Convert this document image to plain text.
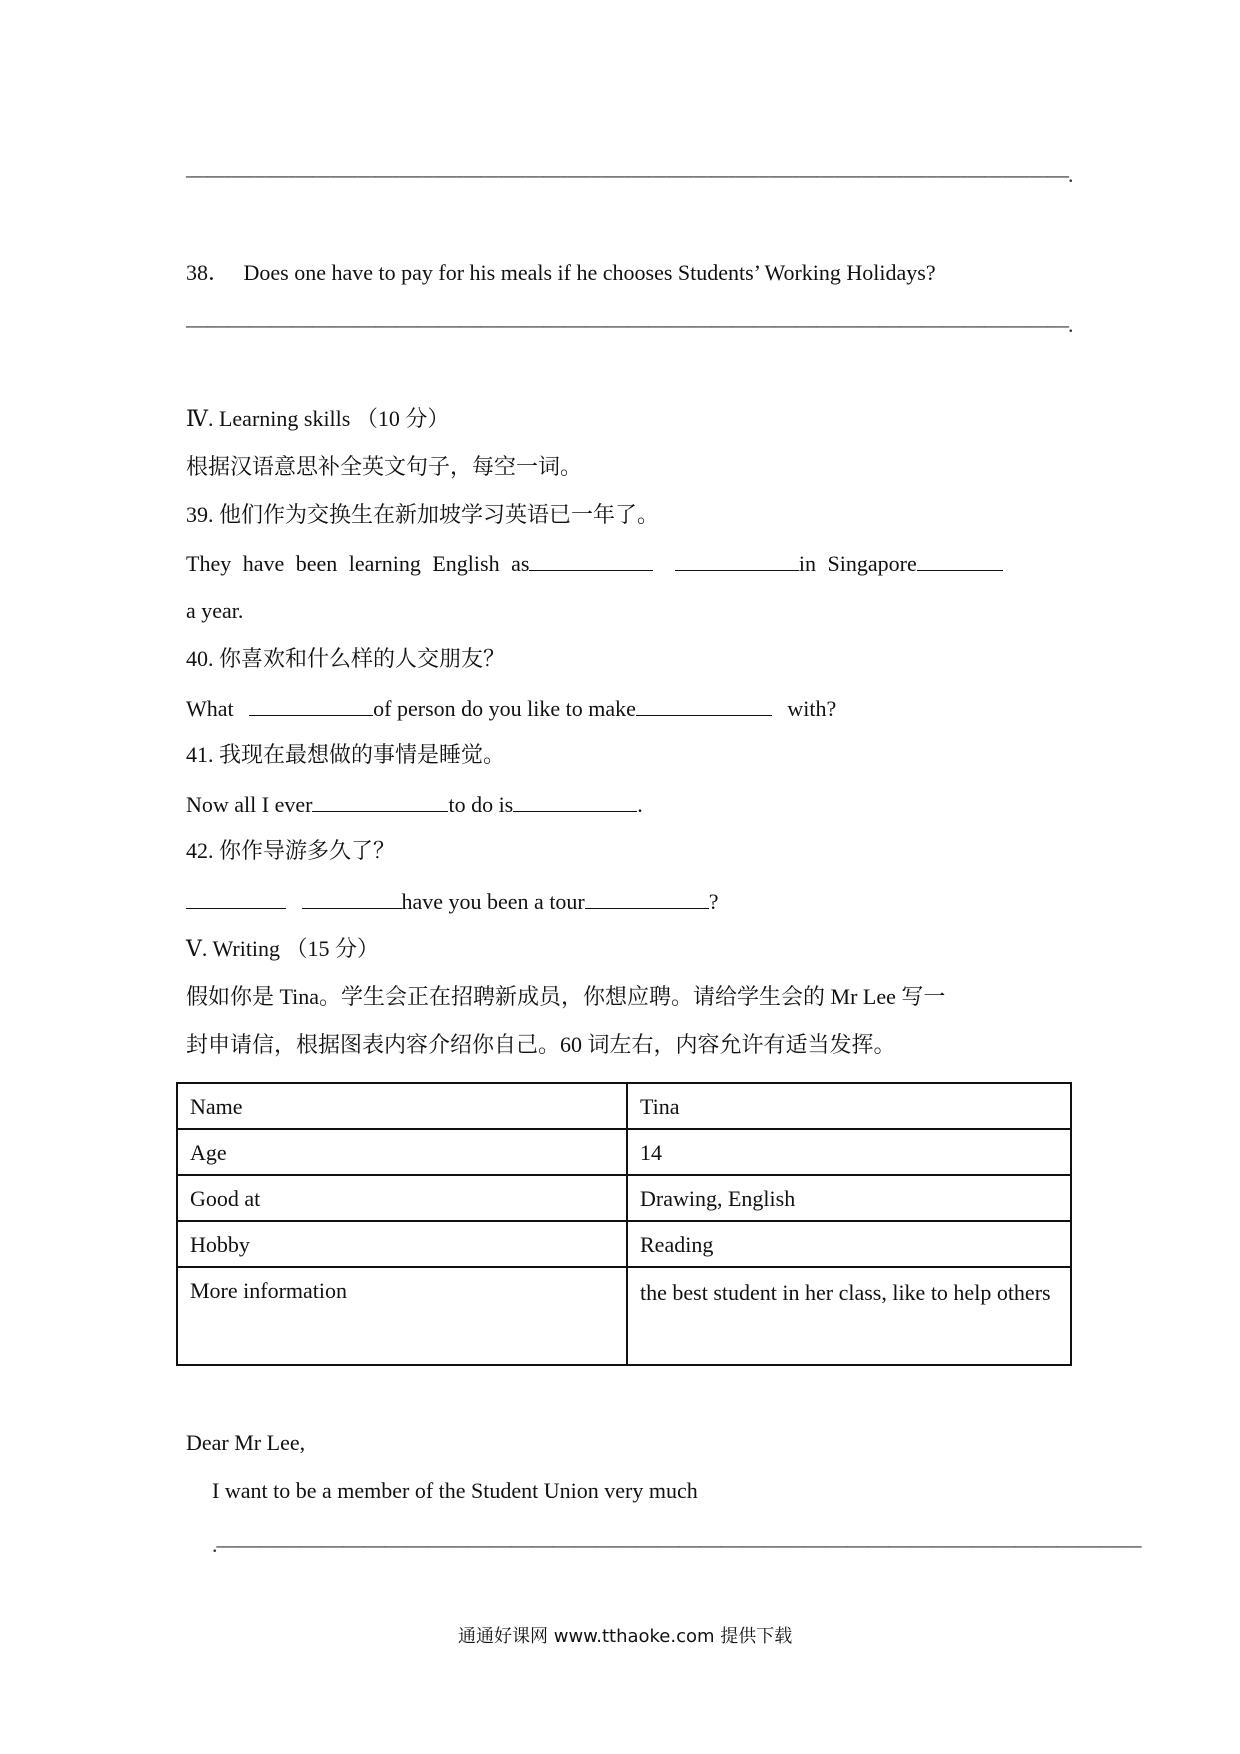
——————————————————————————————————————————.
38． Does one have to pay for his meals if he chooses Students’ Working Holidays?
——————————————————————————————————————————.
Ⅳ. Learning skills （10 分）
根据汉语意思补全英文句子，每空一词。
39. 他们作为交换生在新加坡学习英语已一年了。
They have been learning English as	in Singapore
a year.
40. 你喜欢和什么样的人交朋友？
What	of person do you like to make	with?
41. 我现在最想做的事情是睡觉。
Now all I ever	to do is	.
42. 你作导游多久了？
have you been a tour	?
Ⅴ. Writing （15 分）
假如你是 Tina。学生会正在招聘新成员，你想应聘。请给学生会的 Mr Lee 写一
封申请信，根据图表内容介绍你自己。60 词左右，内容允许有适当发挥。
Name	Tina
Age	14
Good at	Drawing, English
Hobby	Reading
More information	the best student in her class, like to help others
Dear Mr Lee,
I want to be a member of the Student Union very much
.————————————————————————————————————————————
通通好课网 www.tthaoke.com 提供下载
